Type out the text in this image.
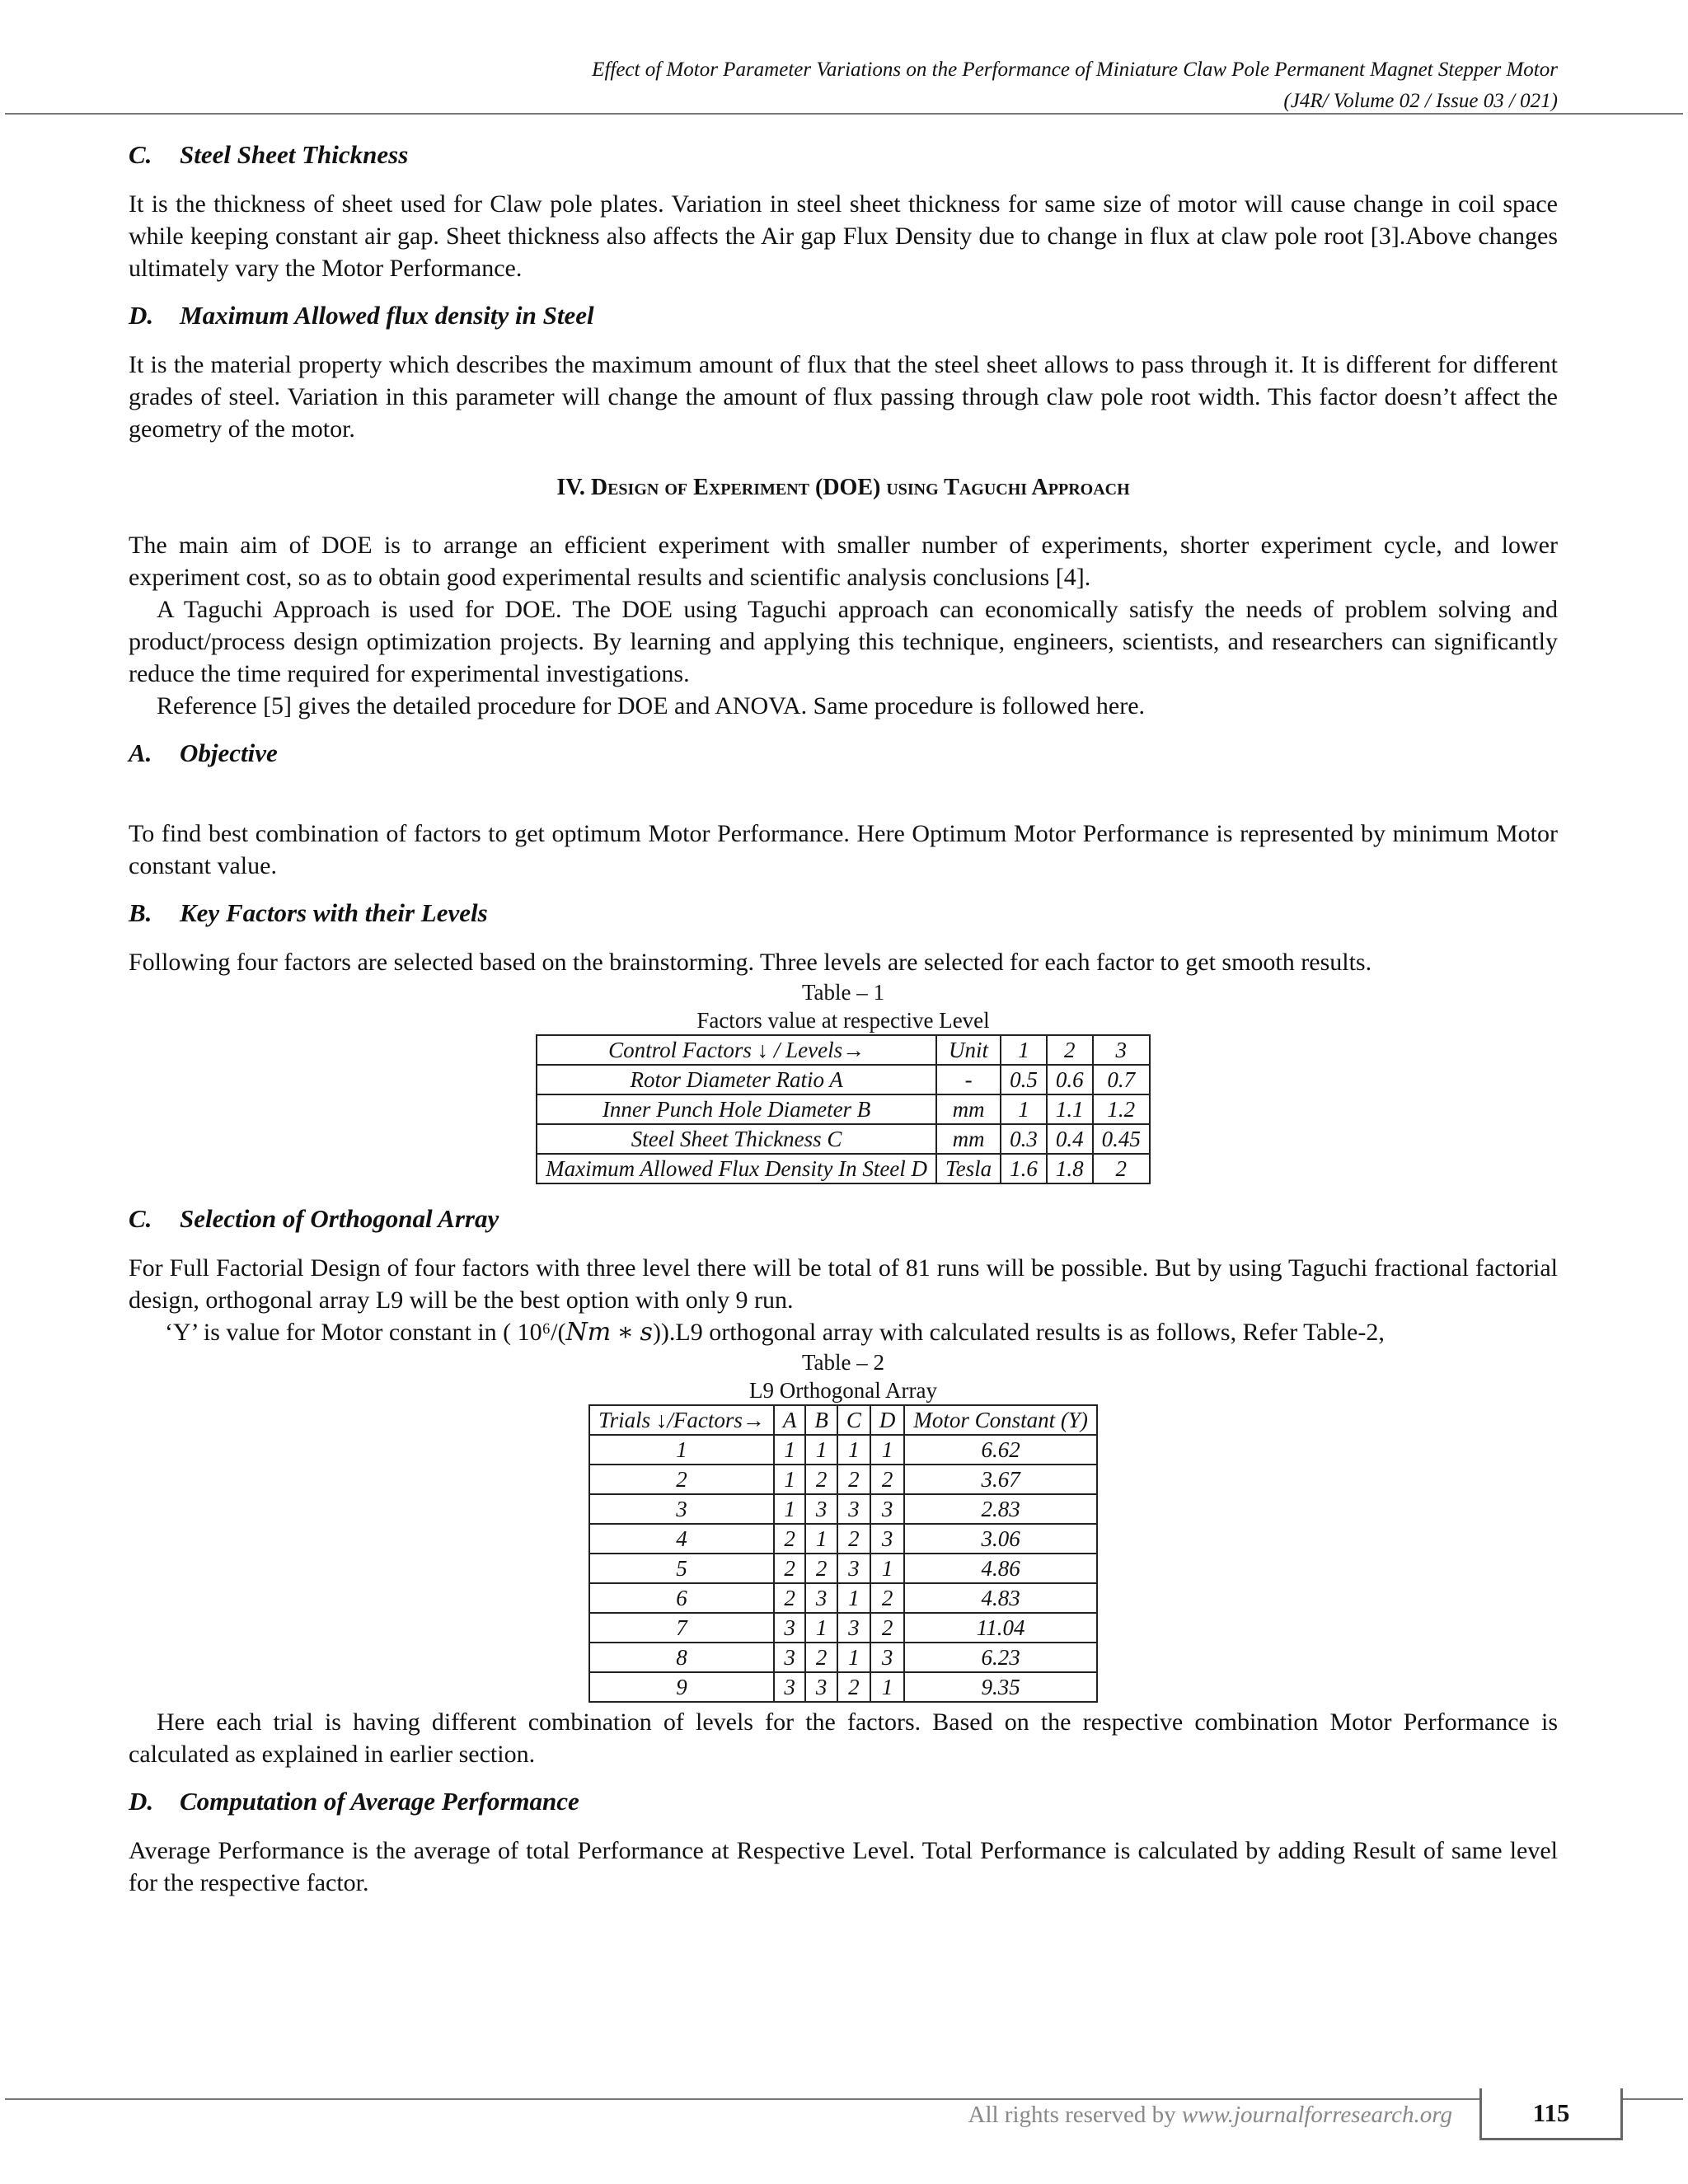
Effect of Motor Parameter Variations on the Performance of Miniature Claw Pole Permanent Magnet Stepper Motor
(J4R/ Volume 02 / Issue 03 / 021)
C. Steel Sheet Thickness
It is the thickness of sheet used for Claw pole plates. Variation in steel sheet thickness for same size of motor will cause change in coil space while keeping constant air gap. Sheet thickness also affects the Air gap Flux Density due to change in flux at claw pole root [3].Above changes ultimately vary the Motor Performance.
D. Maximum Allowed flux density in Steel
It is the material property which describes the maximum amount of flux that the steel sheet allows to pass through it. It is different for different grades of steel. Variation in this parameter will change the amount of flux passing through claw pole root width. This factor doesn’t affect the geometry of the motor.
IV. Design of Experiment (DOE) using Taguchi Approach
The main aim of DOE is to arrange an efficient experiment with smaller number of experiments, shorter experiment cycle, and lower experiment cost, so as to obtain good experimental results and scientific analysis conclusions [4].
A Taguchi Approach is used for DOE. The DOE using Taguchi approach can economically satisfy the needs of problem solving and product/process design optimization projects. By learning and applying this technique, engineers, scientists, and researchers can significantly reduce the time required for experimental investigations.
Reference [5] gives the detailed procedure for DOE and ANOVA. Same procedure is followed here.
A. Objective
To find best combination of factors to get optimum Motor Performance. Here Optimum Motor Performance is represented by minimum Motor constant value.
B. Key Factors with their Levels
Following four factors are selected based on the brainstorming. Three levels are selected for each factor to get smooth results.
Table – 1
Factors value at respective Level
Control Factors ↓ / Levels→	Unit	1	2	3
Rotor Diameter Ratio A	-	0.5	0.6	0.7
Inner Punch Hole Diameter B	mm	1	1.1	1.2
Steel Sheet Thickness C	mm	0.3	0.4	0.45
Maximum Allowed Flux Density In Steel D	Tesla	1.6	1.8	2
C. Selection of Orthogonal Array
For Full Factorial Design of four factors with three level there will be total of 81 runs will be possible. But by using Taguchi fractional factorial design, orthogonal array L9 will be the best option with only 9 run.
‘Y’ is value for Motor constant in ( 10⁶/(𝑁𝑚 ∗ 𝑠)).L9 orthogonal array with calculated results is as follows, Refer Table-2,
Table – 2
L9 Orthogonal Array
Trials ↓/Factors→	A	B	C	D	Motor Constant (Y)
1	1	1	1	1	6.62
2	1	2	2	2	3.67
3	1	3	3	3	2.83
4	2	1	2	3	3.06
5	2	2	3	1	4.86
6	2	3	1	2	4.83
7	3	1	3	2	11.04
8	3	2	1	3	6.23
9	3	3	2	1	9.35
Here each trial is having different combination of levels for the factors. Based on the respective combination Motor Performance is calculated as explained in earlier section.
D. Computation of Average Performance
Average Performance is the average of total Performance at Respective Level. Total Performance is calculated by adding Result of same level for the respective factor.
All rights reserved by www.journalforresearch.org	115
